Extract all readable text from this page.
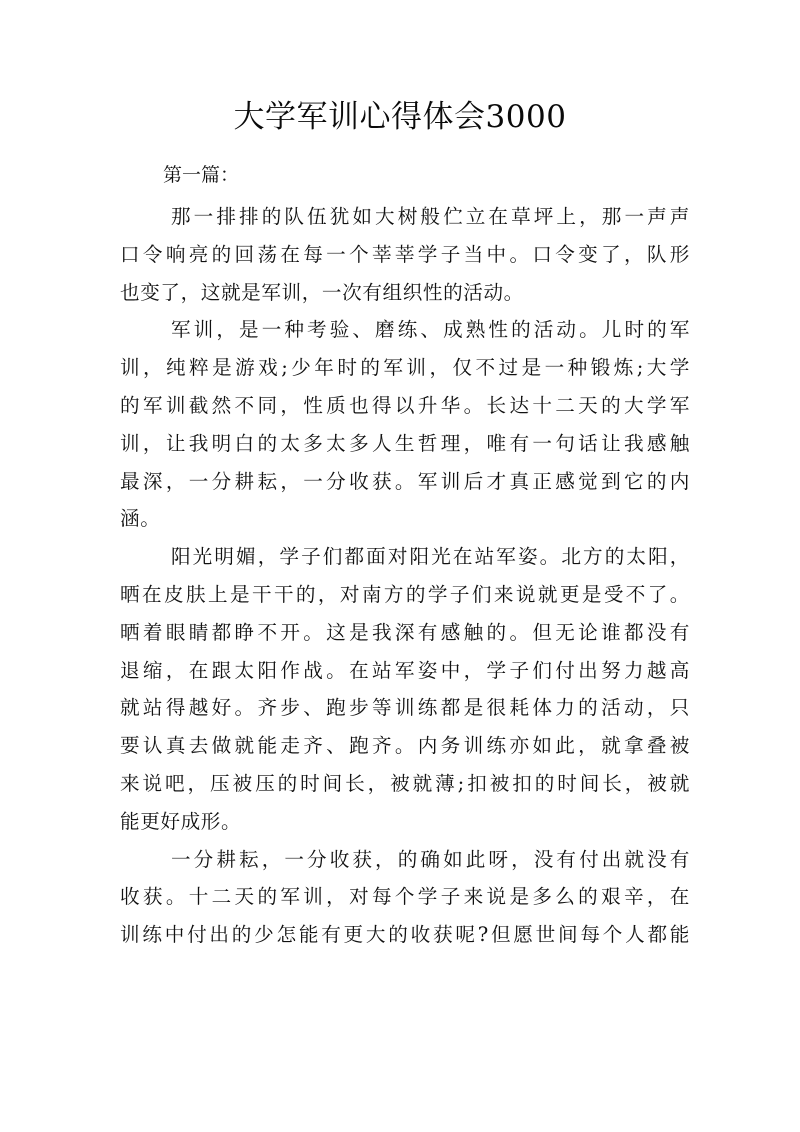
大学军训心得体会3000
第一篇：

那一排排的队伍犹如大树般伫立在草坪上，那一声声
口令响亮的回荡在每一个莘莘学子当中。口令变了，队形
也变了，这就是军训，一次有组织性的活动。

军训，是一种考验、磨练、成熟性的活动。儿时的军
训，纯粹是游戏;少年时的军训，仅不过是一种锻炼;大学
的军训截然不同，性质也得以升华。长达十二天的大学军
训，让我明白的太多太多人生哲理，唯有一句话让我感触
最深，一分耕耘，一分收获。军训后才真正感觉到它的内
涵。

阳光明媚，学子们都面对阳光在站军姿。北方的太阳，
晒在皮肤上是干干的，对南方的学子们来说就更是受不了。
晒着眼睛都睁不开。这是我深有感触的。但无论谁都没有
退缩，在跟太阳作战。在站军姿中，学子们付出努力越高
就站得越好。齐步、跑步等训练都是很耗体力的活动，只
要认真去做就能走齐、跑齐。内务训练亦如此，就拿叠被
来说吧，压被压的时间长，被就薄;扣被扣的时间长，被就
能更好成形。

一分耕耘，一分收获，的确如此呀，没有付出就没有
收获。十二天的军训，对每个学子来说是多么的艰辛，在
训练中付出的少怎能有更大的收获呢?但愿世间每个人都能
